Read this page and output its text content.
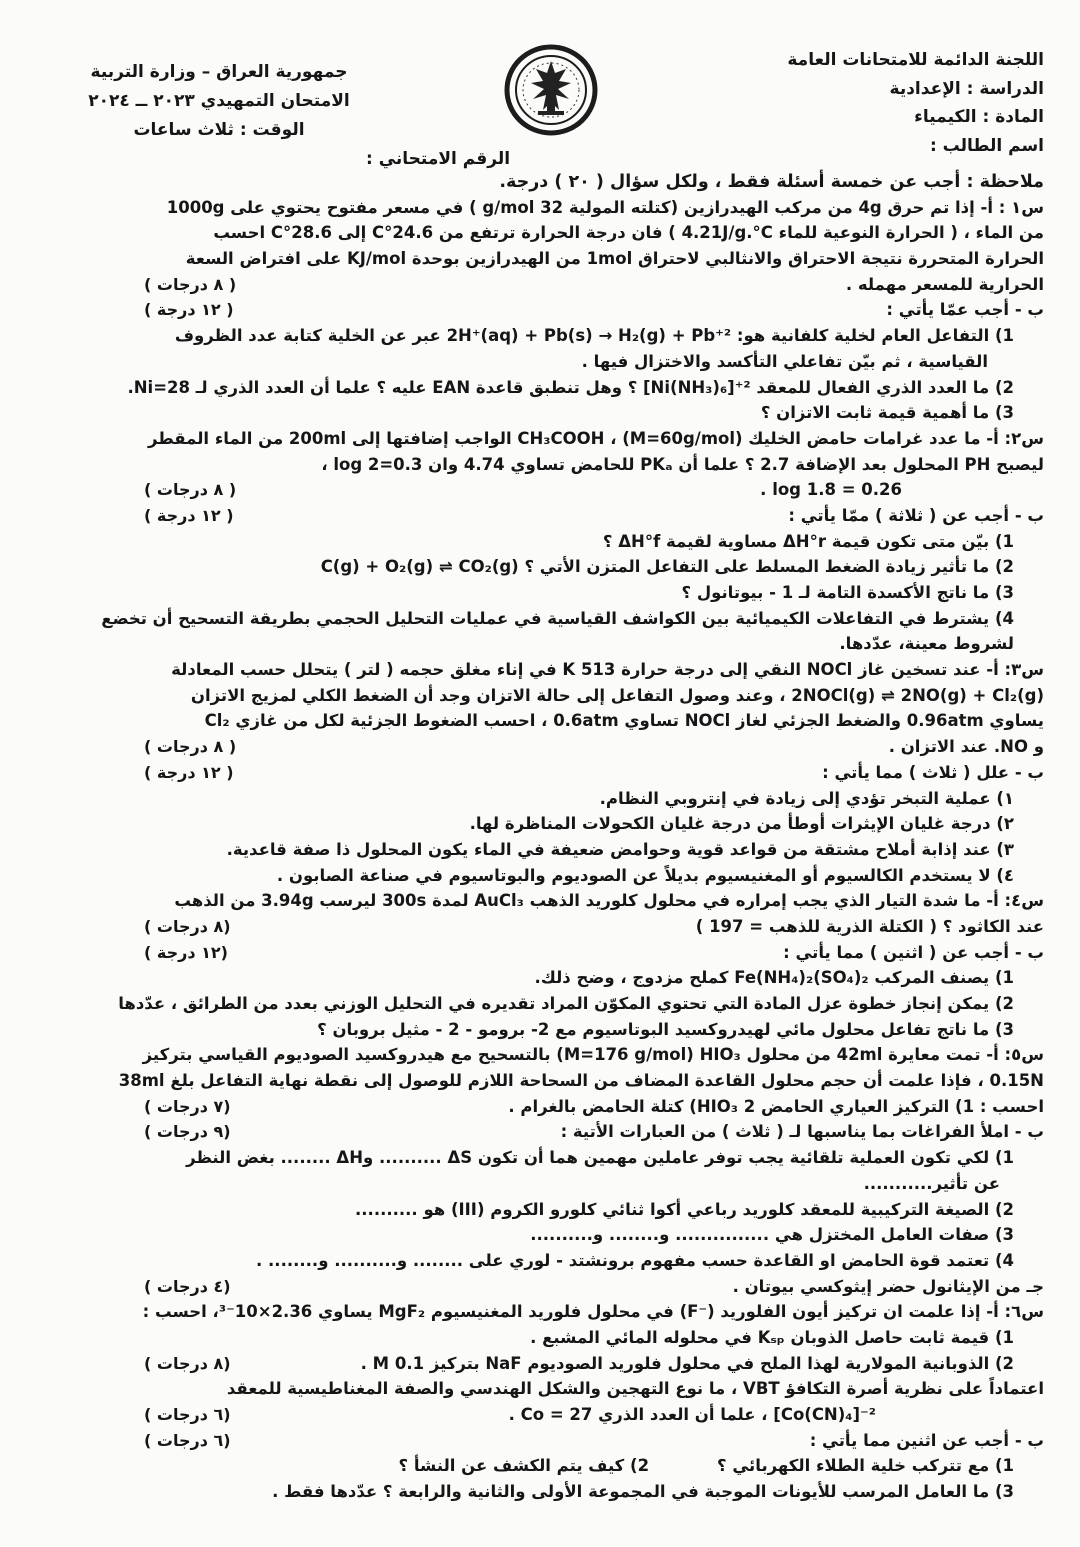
اللجنة الدائمة للامتحانات العامة
الدراسة : الإعدادية
المادة : الكيمياء
اسم الطالب :
جمهورية العراق – وزارة التربية
الامتحان التمهيدي ٢٠٢٣ ــ ٢٠٢٤
الوقت : ثلاث ساعات
الرقم الامتحاني :
ملاحظة : أجب عن خمسة أسئلة فقط ، ولكل سؤال ( ٢٠ ) درجة.
س١ : أ- إذا تم حرق 4g من مركب الهيدرازين (كتلته المولية 32 g/mol ) في مسعر مفتوح يحتوي على 1000g
من الماء ، ( الحرارة النوعية للماء 4.21J/g.°C ) فان درجة الحرارة ترتفع من 24.6°C إلى 28.6°C احسب
الحرارة المتحررة نتيجة الاحتراق والانثالبي لاحتراق 1mol من الهيدرازين بوحدة KJ/mol على افتراض السعة
الحرارية للمسعر مهمله .
( ٨ درجات )
ب - أجب عمّا يأتي :
( ١٢ درجة )
1) التفاعل العام لخلية كلفانية هو: ‎2H⁺(aq) + Pb(s) → H₂(g) + Pb⁺² عبر عن الخلية كتابة عدد الظروف
القياسية ، ثم بيّن تفاعلي التأكسد والاختزال فيها .
2) ما العدد الذري الفعال للمعقد ‎[Ni(NH₃)₆]⁺² ؟ وهل تنطبق قاعدة EAN عليه ؟ علما أن العدد الذري لـ Ni=28.
3) ما أهمية قيمة ثابت الاتزان ؟
س٢: أ- ما عدد غرامات حامض الخليك CH₃COOH ، (M=60g/mol) الواجب إضافتها إلى 200ml من الماء المقطر
ليصبح PH المحلول بعد الإضافة 2.7 ؟ علما أن PKₐ للحامض تساوي 4.74 وان log 2=0.3 ،
log 1.8 = 0.26 .
( ٨ درجات )
ب - أجب عن ( ثلاثة ) ممّا يأتي :
( ١٢ درجة )
1) بيّن متى تكون قيمة ΔH°r مساوية لقيمة ΔH°f ؟
2) ما تأثير زيادة الضغط المسلط على التفاعل المتزن الأتي ؟ ‎C(g) + O₂(g) ⇌ CO₂(g)
3) ما ناتج الأكسدة التامة لـ 1 - بيوتانول ؟
4) يشترط في التفاعلات الكيميائية بين الكواشف القياسية في عمليات التحليل الحجمي بطريقة التسحيح أن تخضع
لشروط معينة، عدّدها.
س٣: أ- عند تسخين غاز NOCl النقي إلى درجة حرارة 513 K في إناء مغلق حجمه ( لتر ) يتحلل حسب المعادلة
‎2NOCl(g) ⇌ 2NO(g) + Cl₂(g) ، وعند وصول التفاعل إلى حالة الاتزان وجد أن الضغط الكلي لمزيج الاتزان
يساوي 0.96atm والضغط الجزئي لغاز NOCl تساوي 0.6atm ، احسب الضغوط الجزئية لكل من غازي Cl₂
و NO. عند الاتزان .
( ٨ درجات )
ب - علل ( ثلاث ) مما يأتي :
( ١٢ درجة )
١) عملية التبخر تؤدي إلى زيادة في إنتروبي النظام.
٢) درجة غليان الإيثرات أوطأ من درجة غليان الكحولات المناظرة لها.
٣) عند إذابة أملاح مشتقة من قواعد قوية وحوامض ضعيفة في الماء يكون المحلول ذا صفة قاعدية.
٤) لا يستخدم الكالسيوم أو المغنيسيوم بديلاً عن الصوديوم والبوتاسيوم في صناعة الصابون .
س٤: أ- ما شدة التيار الذي يجب إمراره في محلول كلوريد الذهب AuCl₃ لمدة 300s ليرسب 3.94g من الذهب
عند الكاثود ؟ ( الكتلة الذرية للذهب = 197 )
( ٨ درجات)
ب - أجب عن ( اثنين ) مما يأتي :
( ١٢ درجة)
1) يصنف المركب ‎Fe(NH₄)₂(SO₄)₂ كملح مزدوج ، وضح ذلك.
2) يمكن إنجاز خطوة عزل المادة التي تحتوي المكوّن المراد تقديره في التحليل الوزني بعدد من الطرائق ، عدّدها
3) ما ناتج تفاعل محلول مائي لهيدروكسيد البوتاسيوم مع 2- برومو - 2 - مثيل بروبان ؟
س٥: أ- تمت معايرة 42ml من محلول ‎(M=176 g/mol) HIO₃ بالتسحيح مع هيدروكسيد الصوديوم القياسي بتركيز
0.15N ، فإذا علمت أن حجم محلول القاعدة المضاف من السحاحة اللازم للوصول إلى نقطة نهاية التفاعل بلغ 38ml
احسب : 1) التركيز العياري الحامض HIO₃ 2) كتلة الحامض بالغرام .
( ٧ درجات)
ب - املأ الفراغات بما يناسبها لـ ( ثلاث ) من العبارات الأتية :
( ٩ درجات)
1) لكي تكون العملية تلقائية يجب توفر عاملين مهمين هما أن تكون ΔS .......... وΔH ........ بغض النظر
عن تأثير...........
2) الصيغة التركيبية للمعقد كلوريد رباعي أكوا ثنائي كلورو الكروم (III) هو ..........
3) صفات العامل المختزل هي ............... و........ و..........
4) تعتمد قوة الحامض او القاعدة حسب مفهوم برونشتد - لوري على ........ و.......... و........ .
جـ من الإيثانول حضر إيثوكسي بيوتان .
( ٤ درجات)
س٦: أ- إذا علمت ان تركيز أيون الفلوريد ‎(F⁻) في محلول فلوريد المغنيسيوم MgF₂ يساوي 2.36×10⁻³، احسب :
1) قيمة ثابت حاصل الذوبان Kₛₚ في محلوله المائي المشبع .
2) الذوبانية المولارية لهذا الملح في محلول فلوريد الصوديوم NaF بتركيز 0.1 M .
( ٨ درجات)
اعتماداً على نظرية أصرة التكافؤ VBT ، ما نوع التهجين والشكل الهندسي والصفة المغناطيسية للمعقد
‎[Co(CN)₄]⁻² ، علما أن العدد الذري Co = 27 .
( ٦ درجات)
ب - أجب عن اثنين مما يأتي :
( ٦ درجات)
1) مع تتركب خلية الطلاء الكهربائي ؟2) كيف يتم الكشف عن النشأ ؟
3) ما العامل المرسب للأيونات الموجبة في المجموعة الأولى والثانية والرابعة ؟ عدّدها فقط .
